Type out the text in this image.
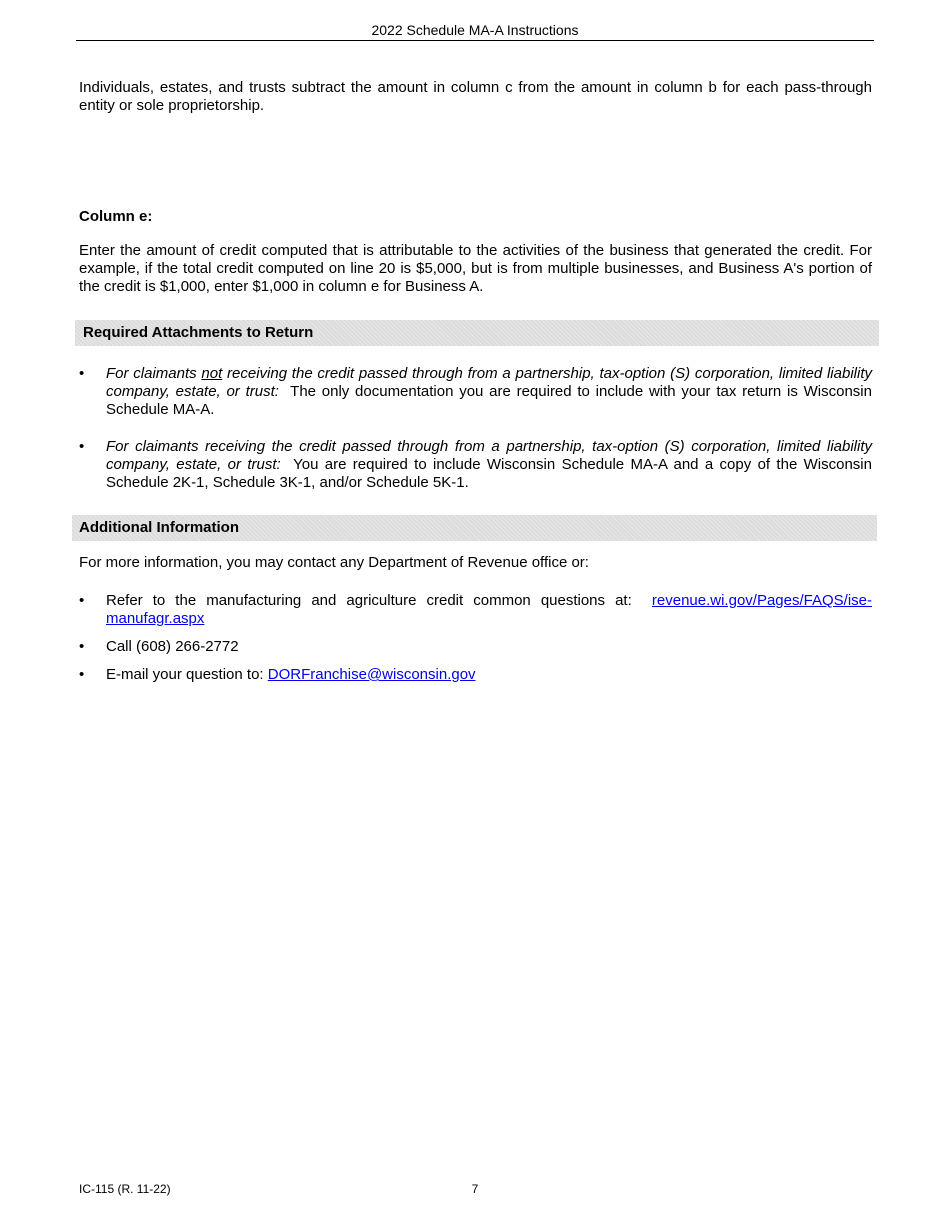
2022 Schedule MA-A Instructions

Individuals, estates, and trusts subtract the amount in column c from the amount in column b for each pass-through entity or sole proprietorship.

Column e:

Enter the amount of credit computed that is attributable to the activities of the business that generated the credit. For example, if the total credit computed on line 20 is $5,000, but is from multiple businesses, and Business A's portion of the credit is $1,000, enter $1,000 in column e for Business A.

Required Attachments to Return
•	For claimants not receiving the credit passed through from a partnership, tax-option (S) corporation, limited liability company, estate, or trust: The only documentation you are required to include with your tax return is Wisconsin Schedule MA-A.
•	For claimants receiving the credit passed through from a partnership, tax-option (S) corporation, limited liability company, estate, or trust: You are required to include Wisconsin Schedule MA-A and a copy of the Wisconsin Schedule 2K-1, Schedule 3K-1, and/or Schedule 5K-1.
Additional Information

For more information, you may contact any Department of Revenue office or:

•	Refer to the manufacturing and agriculture credit common questions at: revenue.wi.gov/Pages/FAQS/ise-
manufagr.aspx
•	Call (608) 266-2772
•	E-mail your question to: DORFranchise@wisconsin.gov
IC-115 (R. 11-22)	7
